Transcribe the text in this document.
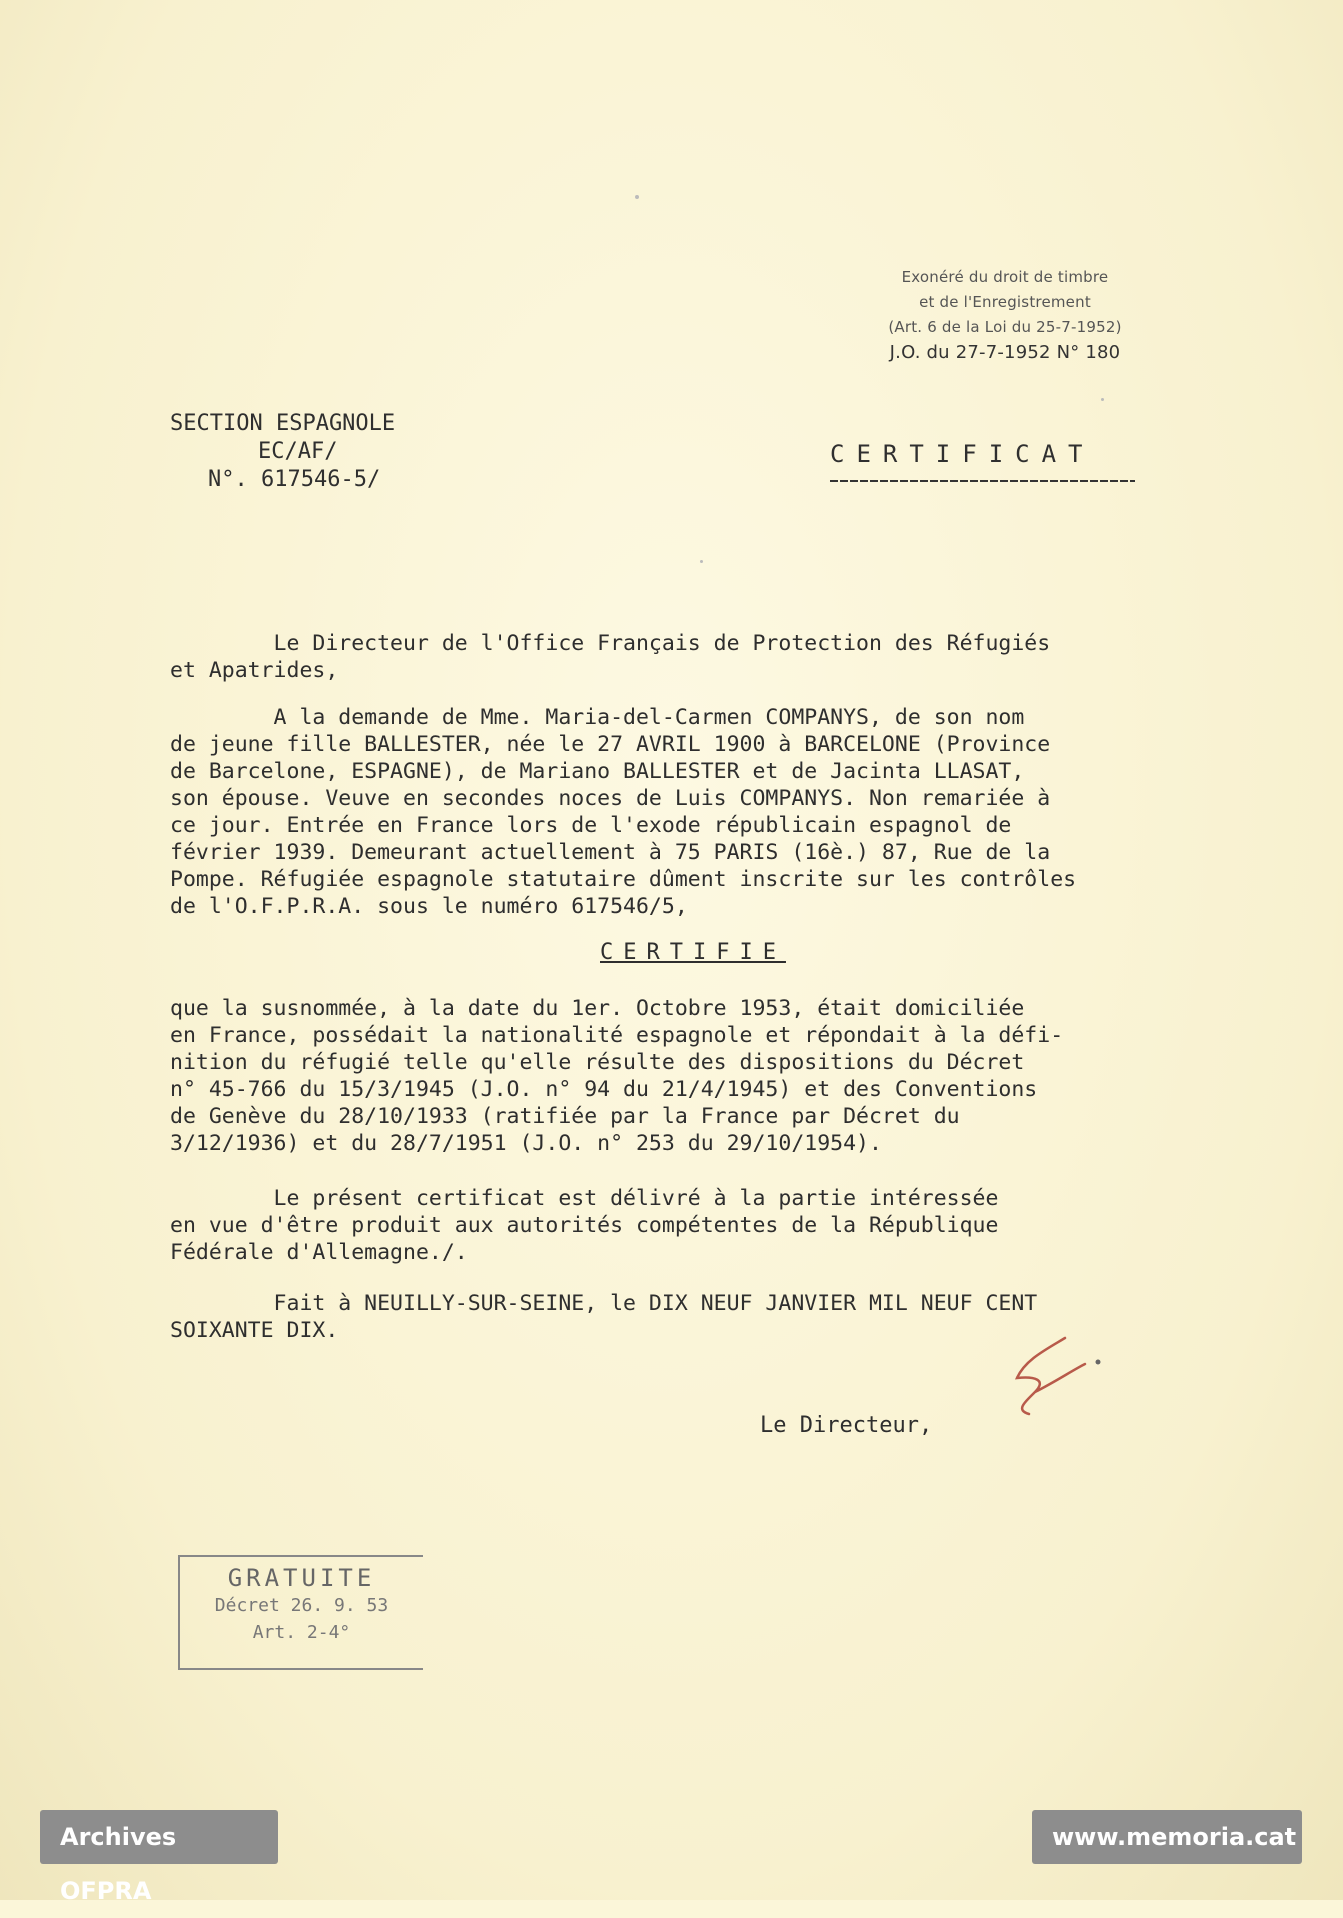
Exonéré du droit de timbre
et de l'Enregistrement
(Art. 6 de la Loi du 25-7-1952)
J.O. du 27-7-1952 N° 180
SECTION ESPAGNOLE
EC/AF/
N°. 617546-5/
CERTIFICAT

Le Directeur de l'Office Français de Protection des Réfugiés

et Apatrides,

A la demande de Mme. Maria-del-Carmen COMPANYS, de son nom

de jeune fille BALLESTER, née le 27 AVRIL 1900 à BARCELONE (Province

de Barcelone, ESPAGNE), de Mariano BALLESTER et de Jacinta LLASAT,

son épouse. Veuve en secondes noces de Luis COMPANYS. Non remariée à

ce jour. Entrée en France lors de l'exode républicain espagnol de

février 1939. Demeurant actuellement à 75 PARIS (16è.) 87, Rue de la

Pompe. Réfugiée espagnole statutaire dûment inscrite sur les contrôles

de l'O.F.P.R.A. sous le numéro 617546/5,

CERTIFIE

que la susnommée, à la date du 1er. Octobre 1953, était domiciliée

en France, possédait la nationalité espagnole et répondait à la défi-

nition du réfugié telle qu'elle résulte des dispositions du Décret

n° 45-766 du 15/3/1945 (J.O. n° 94 du 21/4/1945) et des Conventions

de Genève du 28/10/1933 (ratifiée par la France par Décret du

3/12/1936) et du 28/7/1951 (J.O. n° 253 du 29/10/1954).

Le présent certificat est délivré à la partie intéressée

en vue d'être produit aux autorités compétentes de la République

Fédérale d'Allemagne./.

Fait à NEUILLY-SUR-SEINE, le DIX NEUF JANVIER MIL NEUF CENT

SOIXANTE DIX.

Le Directeur,
GRATUITE
Décret 26. 9. 53
Art. 2-4°
Archives OFPRA
www.memoria.cat
